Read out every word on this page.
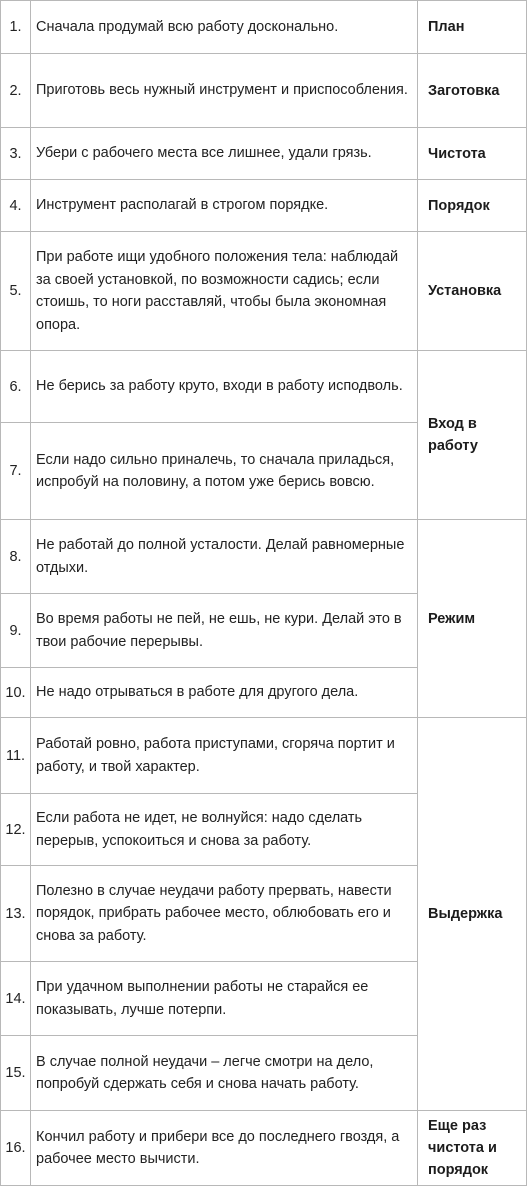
1.	Сначала продумай всю работу досконально.	План
2.	Приготовь весь нужный инструмент и приспособления.	Заготовка
3.	Убери с рабочего места все лишнее, удали грязь.	Чистота
4.	Инструмент располагай в строгом порядке.	Порядок
5.	При работе ищи удобного положения тела: наблюдай за своей установкой, по возможности садись; если стоишь, то ноги расставляй, чтобы была экономная опора.	Установка
6.	Не берись за работу круто, входи в работу исподволь.	Вход в работу
7.	Если надо сильно приналечь, то сначала приладься, испробуй на половину, а потом уже берись вовсю.	
8.	Не работай до полной усталости. Делай равномерные отдыхи.	Режим
9.	Во время работы не пей, не ешь, не кури. Делай это в твои рабочие перерывы.	
10.	Не надо отрываться в работе для другого дела.	
11.	Работай ровно, работа приступами, сгоряча портит и работу, и твой характер.	Выдержка
12.	Если работа не идет, не волнуйся: надо сделать перерыв, успокоиться и снова за работу.	
13.	Полезно в случае неудачи работу прервать, навести порядок, прибрать рабочее место, облюбовать его и снова за работу.	
14.	При удачном выполнении работы не старайся ее показывать, лучше потерпи.	
15.	В случае полной неудачи – легче смотри на дело, попробуй сдержать себя и снова начать работу.	
16.	Кончил работу и прибери все до последнего гвоздя, а рабочее место вычисти.	Еще раз
чистота и
порядок
